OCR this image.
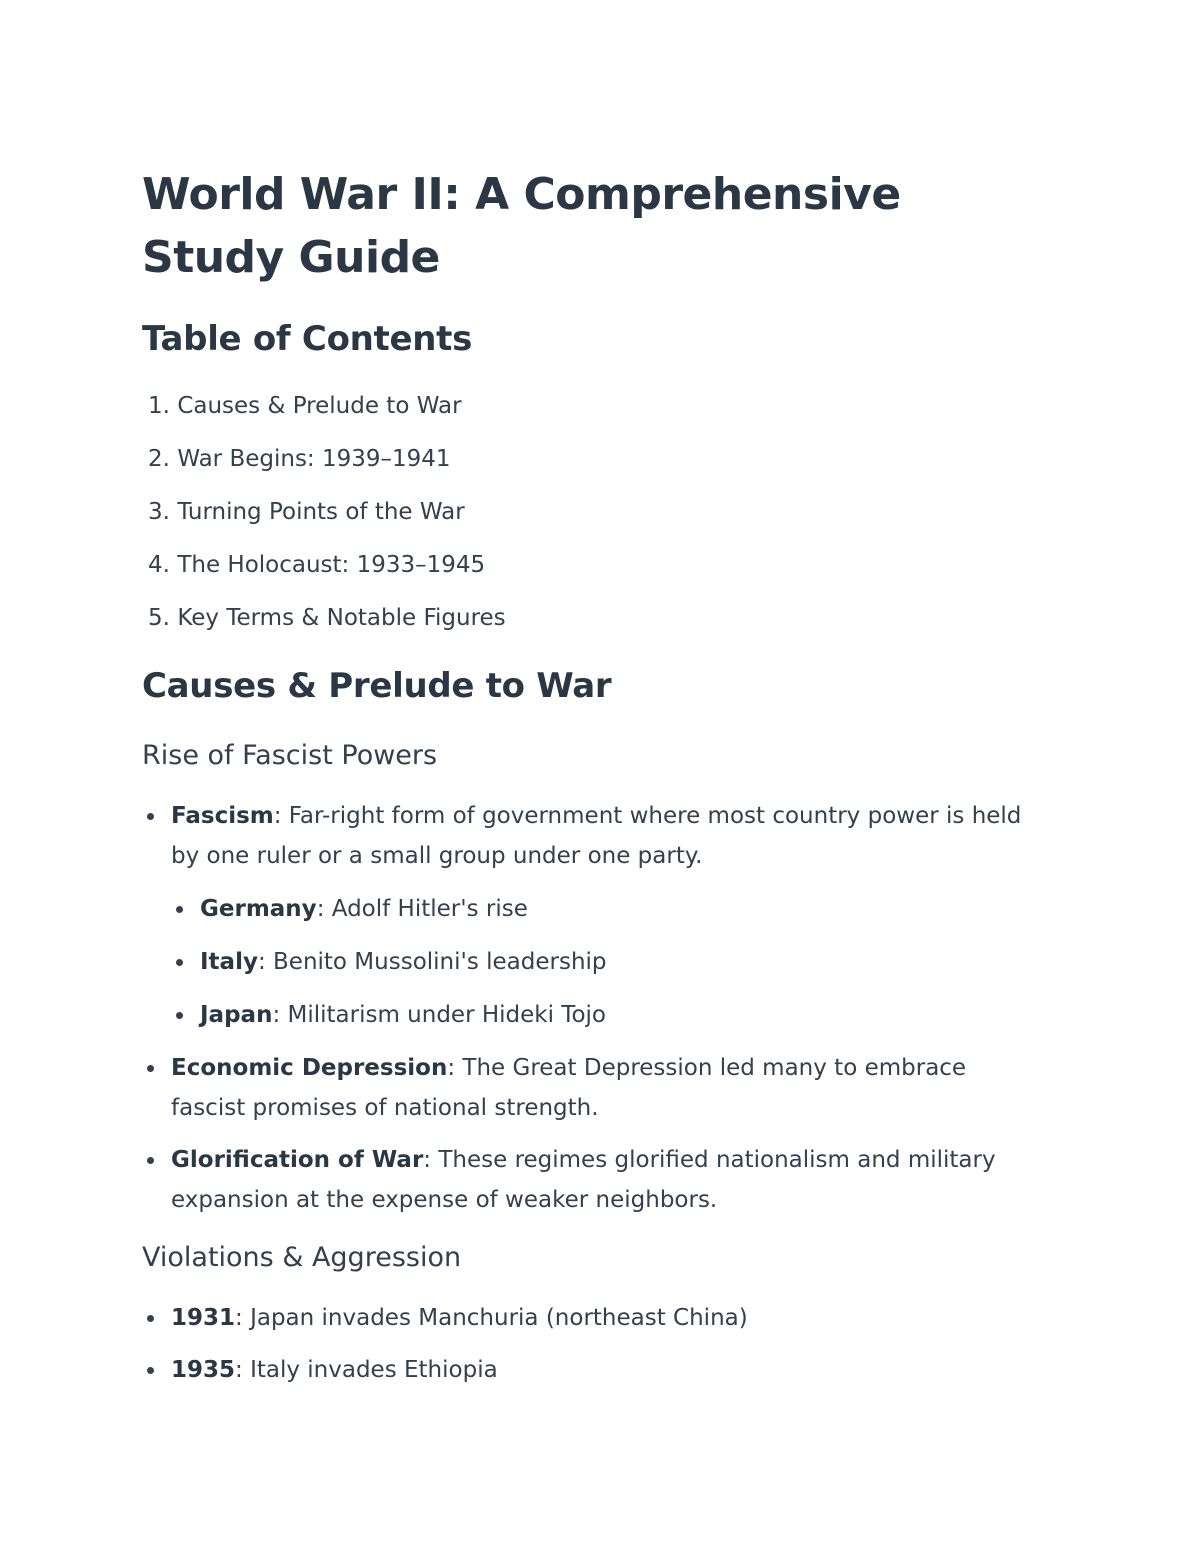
World War II: A Comprehensive Study Guide
Table of Contents
1. Causes & Prelude to War
2. War Begins: 1939–1941
3. Turning Points of the War
4. The Holocaust: 1933–1945
5. Key Terms & Notable Figures
Causes & Prelude to War
Rise of Fascist Powers
Fascism: Far-right form of government where most country power is held by one ruler or a small group under one party.
Germany: Adolf Hitler's rise
Italy: Benito Mussolini's leadership
Japan: Militarism under Hideki Tojo
Economic Depression: The Great Depression led many to embrace fascist promises of national strength.
Glorification of War: These regimes glorified nationalism and military expansion at the expense of weaker neighbors.
Violations & Aggression
1931: Japan invades Manchuria (northeast China)
1935: Italy invades Ethiopia
